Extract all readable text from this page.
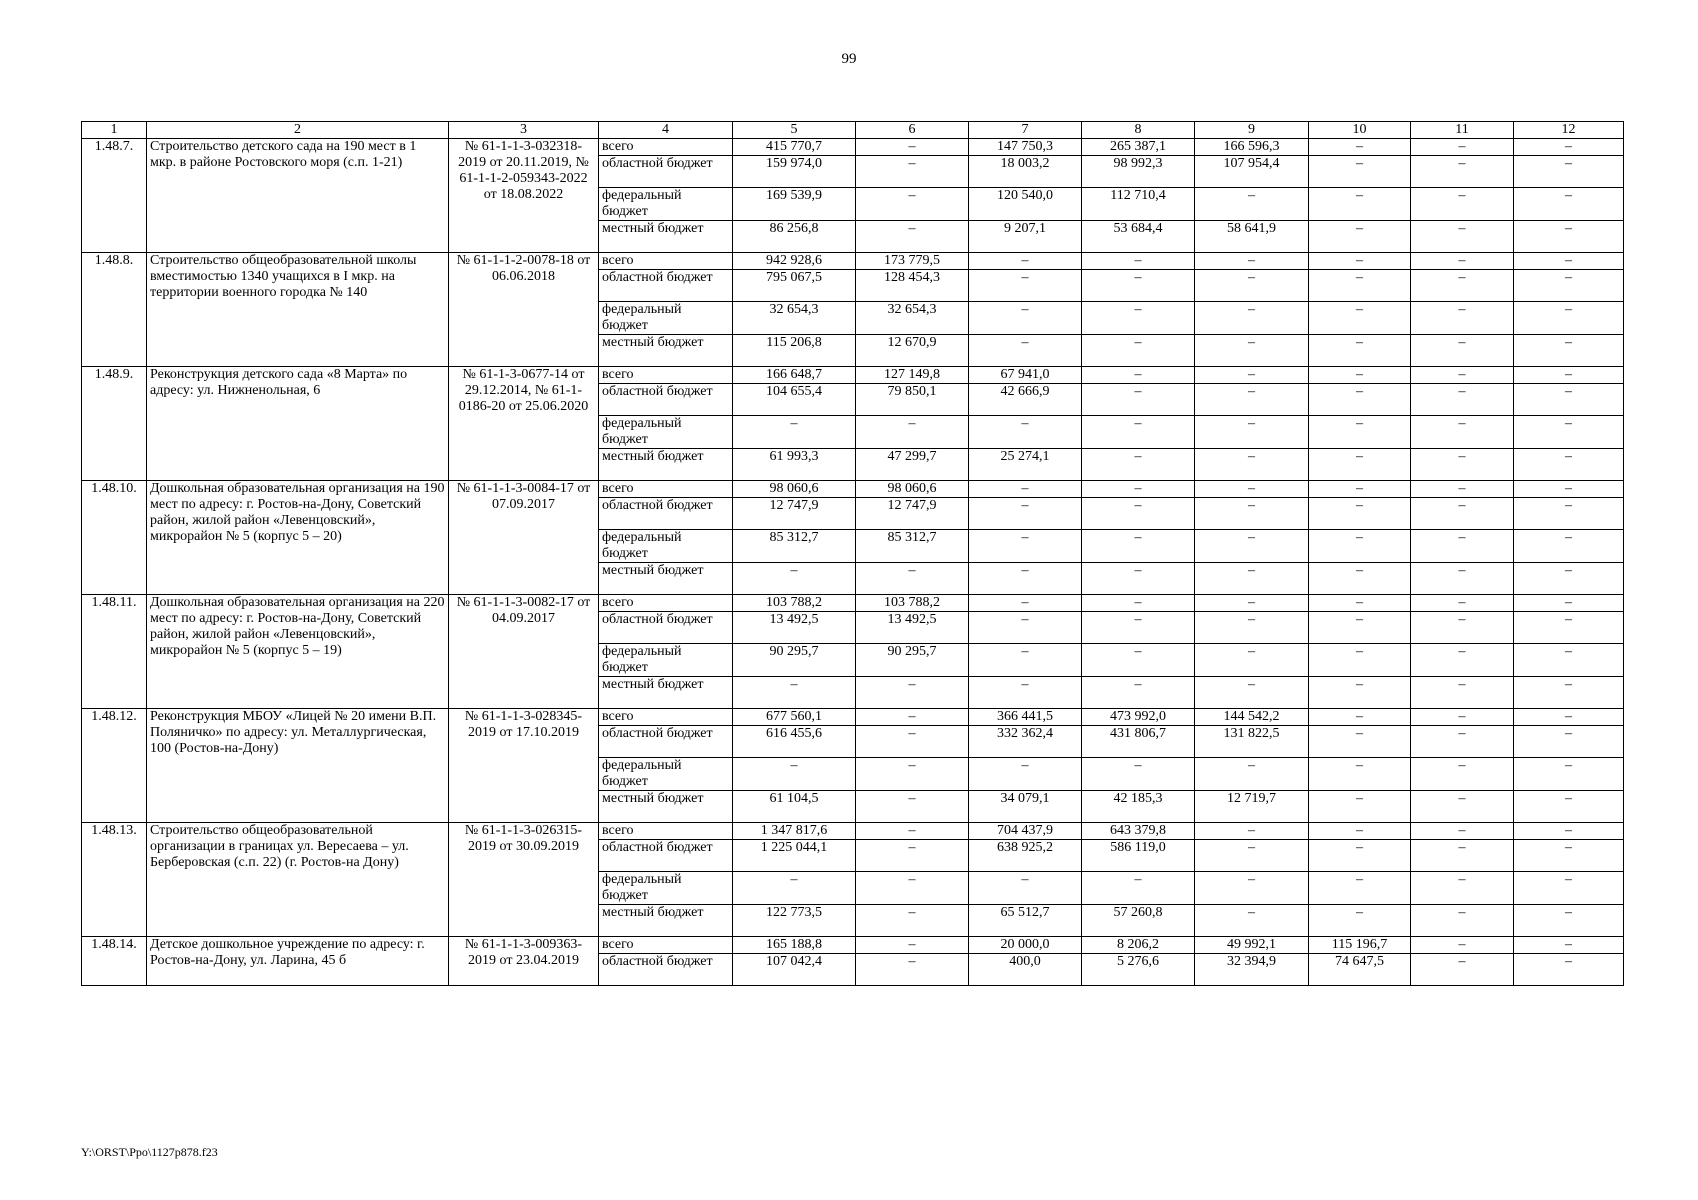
99
1	2	3	4	5	6	7	8	9	10	11	12
1.48.7.	Строительство детского сада на 190 мест в 1 мкр. в районе Ростовского моря (с.п. 1-21)	№ 61-1-1-3-032318-2019 от 20.11.2019, № 61-1-1-2-059343-2022 от 18.08.2022	всего	415 770,7	–	147 750,3	265 387,1	166 596,3	–	–	–
			областной бюджет	159 974,0	–	18 003,2	98 992,3	107 954,4	–	–	–
			федеральный бюджет	169 539,9	–	120 540,0	112 710,4	–	–	–	–
			местный бюджет	86 256,8	–	9 207,1	53 684,4	58 641,9	–	–	–
1.48.8.	Строительство общеобразовательной школы вместимостью 1340 учащихся в I мкр. на территории военного городка № 140	№ 61-1-1-2-0078-18 от 06.06.2018	всего	942 928,6	173 779,5	–	–	–	–	–	–
			областной бюджет	795 067,5	128 454,3	–	–	–	–	–	–
			федеральный бюджет	32 654,3	32 654,3	–	–	–	–	–	–
			местный бюджет	115 206,8	12 670,9	–	–	–	–	–	–
1.48.9.	Реконструкция детского сада «8 Марта» по адресу: ул. Нижненольная, 6	№ 61-1-3-0677-14 от 29.12.2014, № 61-1-0186-20 от 25.06.2020	всего	166 648,7	127 149,8	67 941,0	–	–	–	–	–
			областной бюджет	104 655,4	79 850,1	42 666,9	–	–	–	–	–
			федеральный бюджет	–	–	–	–	–	–	–	–
			местный бюджет	61 993,3	47 299,7	25 274,1	–	–	–	–	–
1.48.10.	Дошкольная образовательная организация на 190 мест по адресу: г. Ростов-на-Дону, Советский район, жилой район «Левенцовский», микрорайон № 5 (корпус 5 – 20)	№ 61-1-1-3-0084-17 от 07.09.2017	всего	98 060,6	98 060,6	–	–	–	–	–	–
			областной бюджет	12 747,9	12 747,9	–	–	–	–	–	–
			федеральный бюджет	85 312,7	85 312,7	–	–	–	–	–	–
			местный бюджет	–	–	–	–	–	–	–	–
1.48.11.	Дошкольная образовательная организация на 220 мест по адресу: г. Ростов-на-Дону, Советский район, жилой район «Левенцовский», микрорайон № 5 (корпус 5 – 19)	№ 61-1-1-3-0082-17 от 04.09.2017	всего	103 788,2	103 788,2	–	–	–	–	–	–
			областной бюджет	13 492,5	13 492,5	–	–	–	–	–	–
			федеральный бюджет	90 295,7	90 295,7	–	–	–	–	–	–
			местный бюджет	–	–	–	–	–	–	–	–
1.48.12.	Реконструкция МБОУ «Лицей № 20 имени В.П. Поляничко» по адресу: ул. Металлургическая, 100 (Ростов-на-Дону)	№ 61-1-1-3-028345-2019 от 17.10.2019	всего	677 560,1	–	366 441,5	473 992,0	144 542,2	–	–	–
			областной бюджет	616 455,6	–	332 362,4	431 806,7	131 822,5	–	–	–
			федеральный бюджет	–	–	–	–	–	–	–	–
			местный бюджет	61 104,5	–	34 079,1	42 185,3	12 719,7	–	–	–
1.48.13.	Строительство общеобразовательной организации в границах ул. Вересаева – ул. Берберовская (с.п. 22) (г. Ростов-на Дону)	№ 61-1-1-3-026315-2019 от 30.09.2019	всего	1 347 817,6	–	704 437,9	643 379,8	–	–	–	–
			областной бюджет	1 225 044,1	–	638 925,2	586 119,0	–	–	–	–
			федеральный бюджет	–	–	–	–	–	–	–	–
			местный бюджет	122 773,5	–	65 512,7	57 260,8	–	–	–	–
1.48.14.	Детское дошкольное учреждение по адресу: г. Ростов-на-Дону, ул. Ларина, 45 б	№ 61-1-1-3-009363-2019 от 23.04.2019	всего	165 188,8	–	20 000,0	8 206,2	49 992,1	115 196,7	–	–
			областной бюджет	107 042,4	–	400,0	5 276,6	32 394,9	74 647,5	–	–
Y:\ORST\Ppo\1127p878.f23
